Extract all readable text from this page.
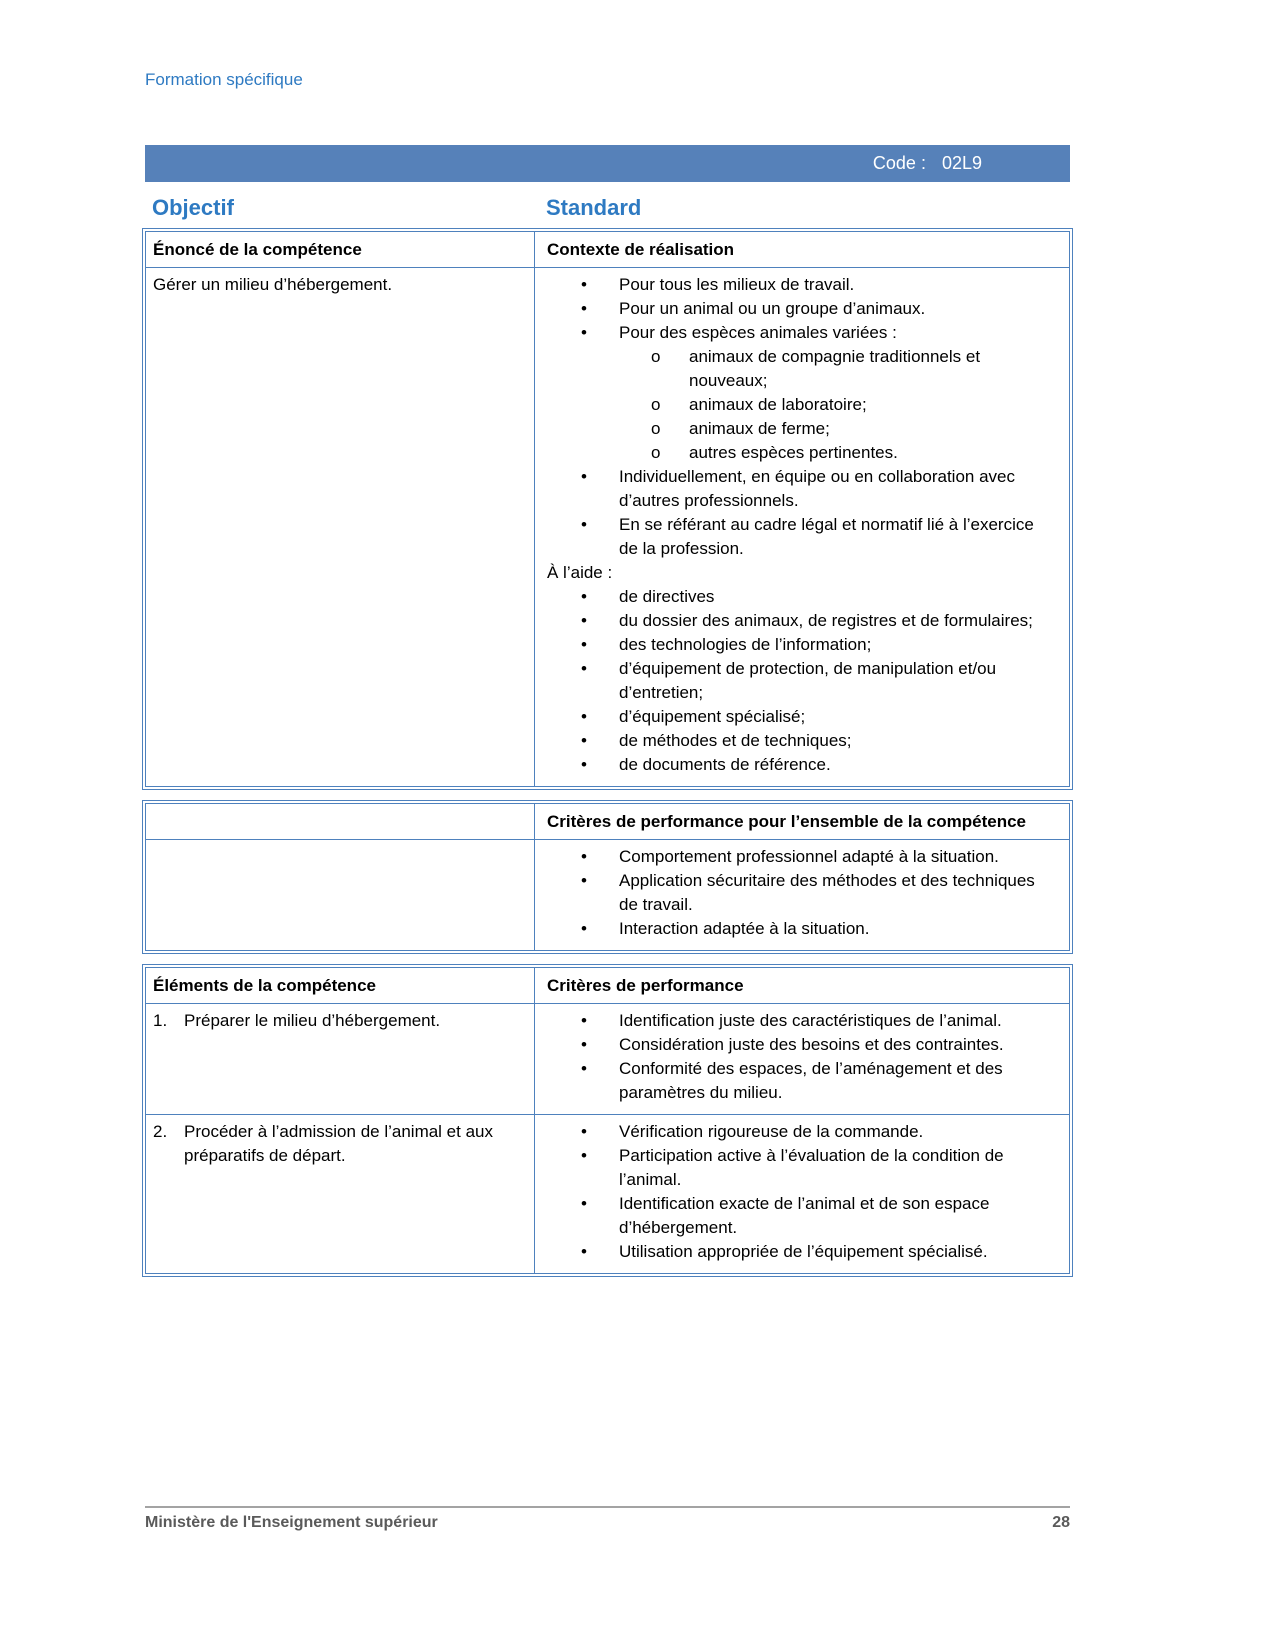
Formation spécifique
Code : 02L9
Objectif	Standard
Énoncé de la compétence	Contexte de réalisation
Gérer un milieu d’hébergement.	•	Pour tous les milieux de travail.
•	Pour un animal ou un groupe d’animaux.
•	Pour des espèces animales variées :
o	animaux de compagnie traditionnels et nouveaux;
o	animaux de laboratoire;
o	animaux de ferme;
o	autres espèces pertinentes.
•	Individuellement, en équipe ou en collaboration avec d’autres professionnels.
•	En se référant au cadre légal et normatif lié à l’exercice de la profession.
À l’aide :
•	de directives
•	du dossier des animaux, de registres et de formulaires;
•	des technologies de l’information;
•	d’équipement de protection, de manipulation et/ou d’entretien;
•	d’équipement spécialisé;
•	de méthodes et de techniques;
•	de documents de référence.
Critères de performance pour l’ensemble de la compétence
•	Comportement professionnel adapté à la situation.
•	Application sécuritaire des méthodes et des techniques de travail.
•	Interaction adaptée à la situation.
Éléments de la compétence	Critères de performance
1. Préparer le milieu d’hébergement.	•	Identification juste des caractéristiques de l’animal.
•	Considération juste des besoins et des contraintes.
•	Conformité des espaces, de l’aménagement et des paramètres du milieu.
2. Procéder à l’admission de l’animal et aux préparatifs de départ.
•	Vérification rigoureuse de la commande.
•	Participation active à l’évaluation de la condition de l’animal.
•	Identification exacte de l’animal et de son espace d’hébergement.
•	Utilisation appropriée de l’équipement spécialisé.
Ministère de l'Enseignement supérieur	28
